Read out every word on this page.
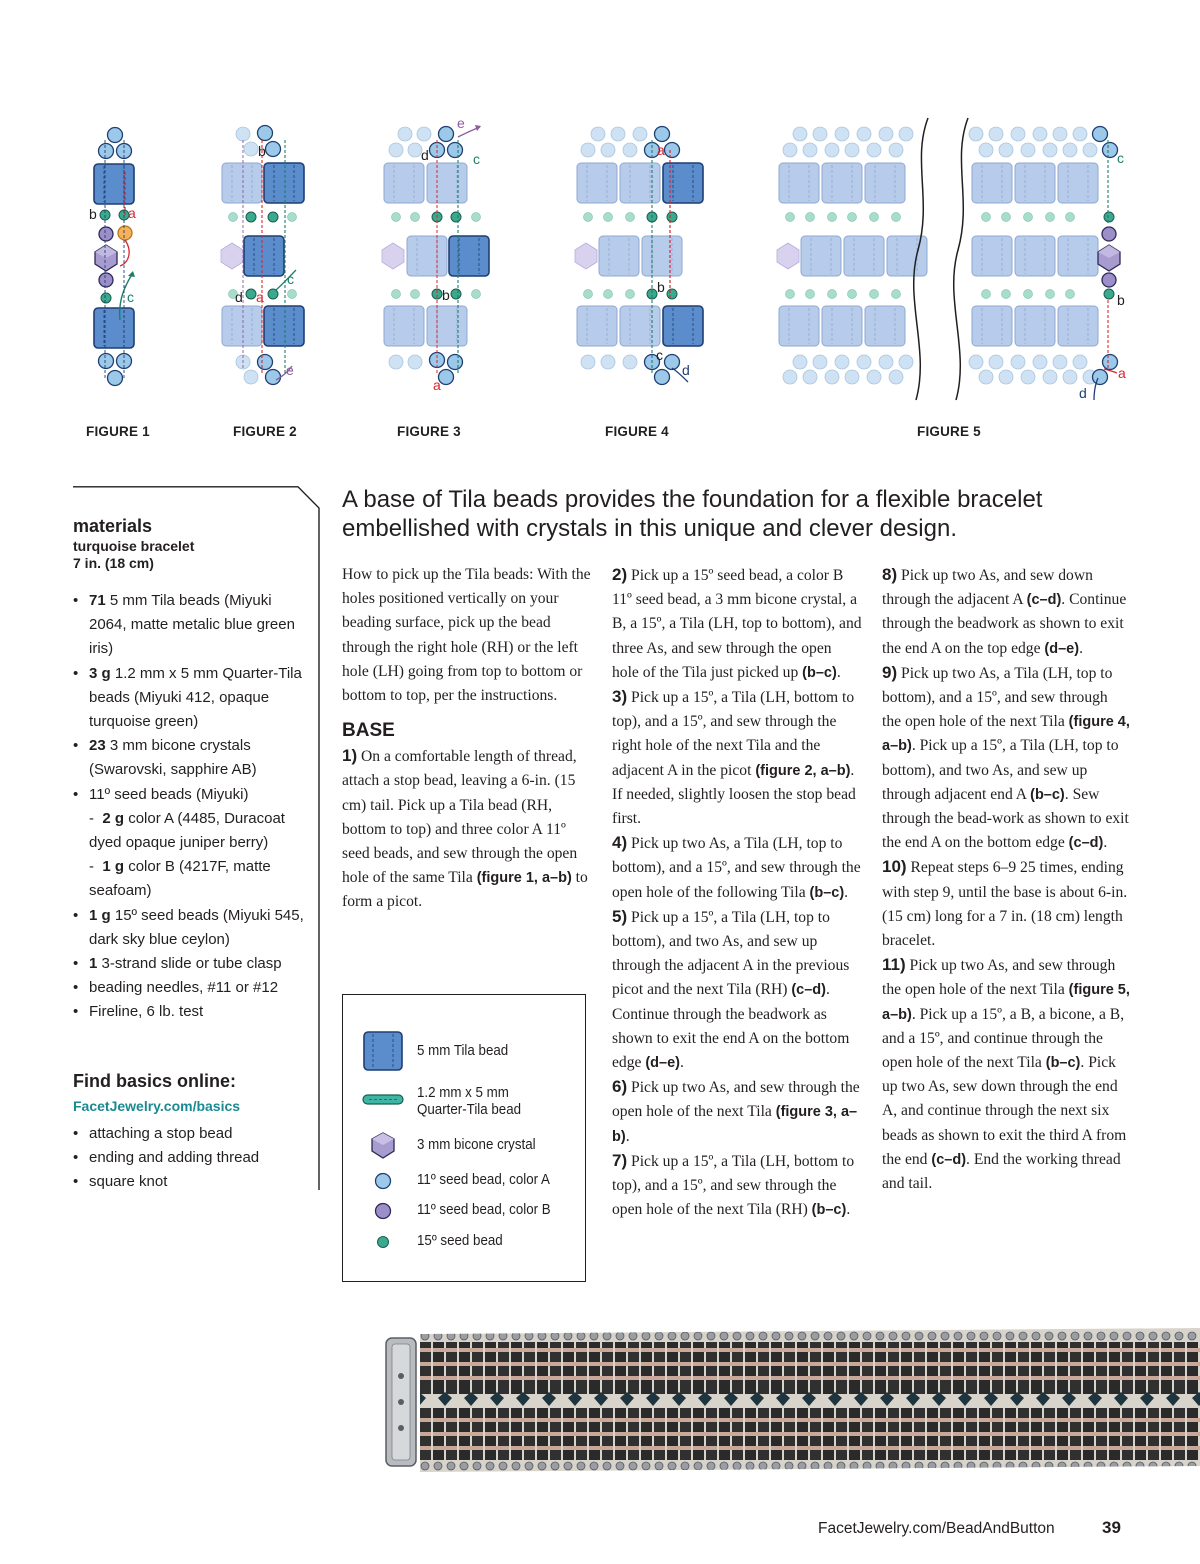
b a
c
b
c
d a
e
e
d	c
b
a
a
b
c
d
c
b
a
d
FIGURE 1	FIGURE 2	FIGURE 3	FIGURE 4	FIGURE 5
materials
turquoise bracelet
7 in. (18 cm)
• 71 5 mm Tila beads (Miyuki 2064, matte metalic blue green iris)
• 3 g 1.2 mm x 5 mm Quarter-Tila beads (Miyuki 412, opaque turquoise green)
• 23 3 mm bicone crystals (Swarovski, sapphire AB)
• 11º seed beads (Miyuki)
-  2 g color A (4485, Duracoat dyed opaque juniper berry)
-  1 g color B (4217F, matte seafoam)
• 1 g 15º seed beads (Miyuki 545, dark sky blue ceylon)
• 1 3-strand slide or tube clasp
• beading needles, #11 or #12
• Fireline, 6 lb. test
Find basics online:
FacetJewelry.com/basics
• attaching a stop bead
• ending and adding thread
• square knot
A base of Tila beads provides the foundation for a flexible bracelet embellished with crystals in this unique and clever design.

How to pick up the Tila beads: With the holes positioned vertically on your beading surface, pick up the bead through the right hole (RH) or the left hole (LH) going from top to bottom or bottom to top, per the instructions.

BASE

1) On a comfortable length of thread, attach a stop bead, leaving a 6-in. (15 cm) tail. Pick up a Tila bead (RH, bottom to top) and three color A 11º seed beads, and sew through the open hole of the same Tila (figure 1, a–b) to form a picot.

5 mm Tila bead
1.2 mm x 5 mm
Quarter-Tila bead
3 mm bicone crystal
11º seed bead, color A
11º seed bead, color B
15º seed bead

2) Pick up a 15º seed bead, a color B 11º seed bead, a 3 mm bicone crystal, a B, a 15º, a Tila (LH, top to bottom), and three As, and sew through the open hole of the Tila just picked up (b–c).

3) Pick up a 15º, a Tila (LH, bottom to top), and a 15º, and sew through the right hole of the next Tila and the adjacent A in the picot (figure 2, a–b). If needed, slightly loosen the stop bead first.

4) Pick up two As, a Tila (LH, top to bottom), and a 15º, and sew through the open hole of the following Tila (b–c).

5) Pick up a 15º, a Tila (LH, top to bottom), and two As, and sew up through the adjacent A in the previous picot and the next Tila (RH) (c–d). Continue through the beadwork as shown to exit the end A on the bottom edge (d–e).

6) Pick up two As, and sew through the open hole of the next Tila (figure 3, a–b).

7) Pick up a 15º, a Tila (LH, bottom to top), and a 15º, and sew through the open hole of the next Tila (RH) (b–c).

8) Pick up two As, and sew down through the adjacent A (c–d). Continue through the beadwork as shown to exit the end A on the top edge (d–e).

9) Pick up two As, a Tila (LH, top to bottom), and a 15º, and sew through the open hole of the next Tila (figure 4, a–b). Pick up a 15º, a Tila (LH, top to bottom), and two As, and sew up through adjacent end A (b–c). Sew through the bead-work as shown to exit the end A on the bottom edge (c–d).

10) Repeat steps 6–9 25 times, ending with step 9, until the base is about 6-in. (15 cm) long for a 7 in. (18 cm) length bracelet.

11) Pick up two As, and sew through the open hole of the next Tila (figure 5, a–b). Pick up a 15º, a B, a bicone, a B, and a 15º, and continue through the open hole of the next Tila (b–c). Pick up two As, sew down through the end A, and continue through the next six beads as shown to exit the third A from the end (c–d). End the working thread and tail.

FacetJewelry.com/BeadAndButton	39
